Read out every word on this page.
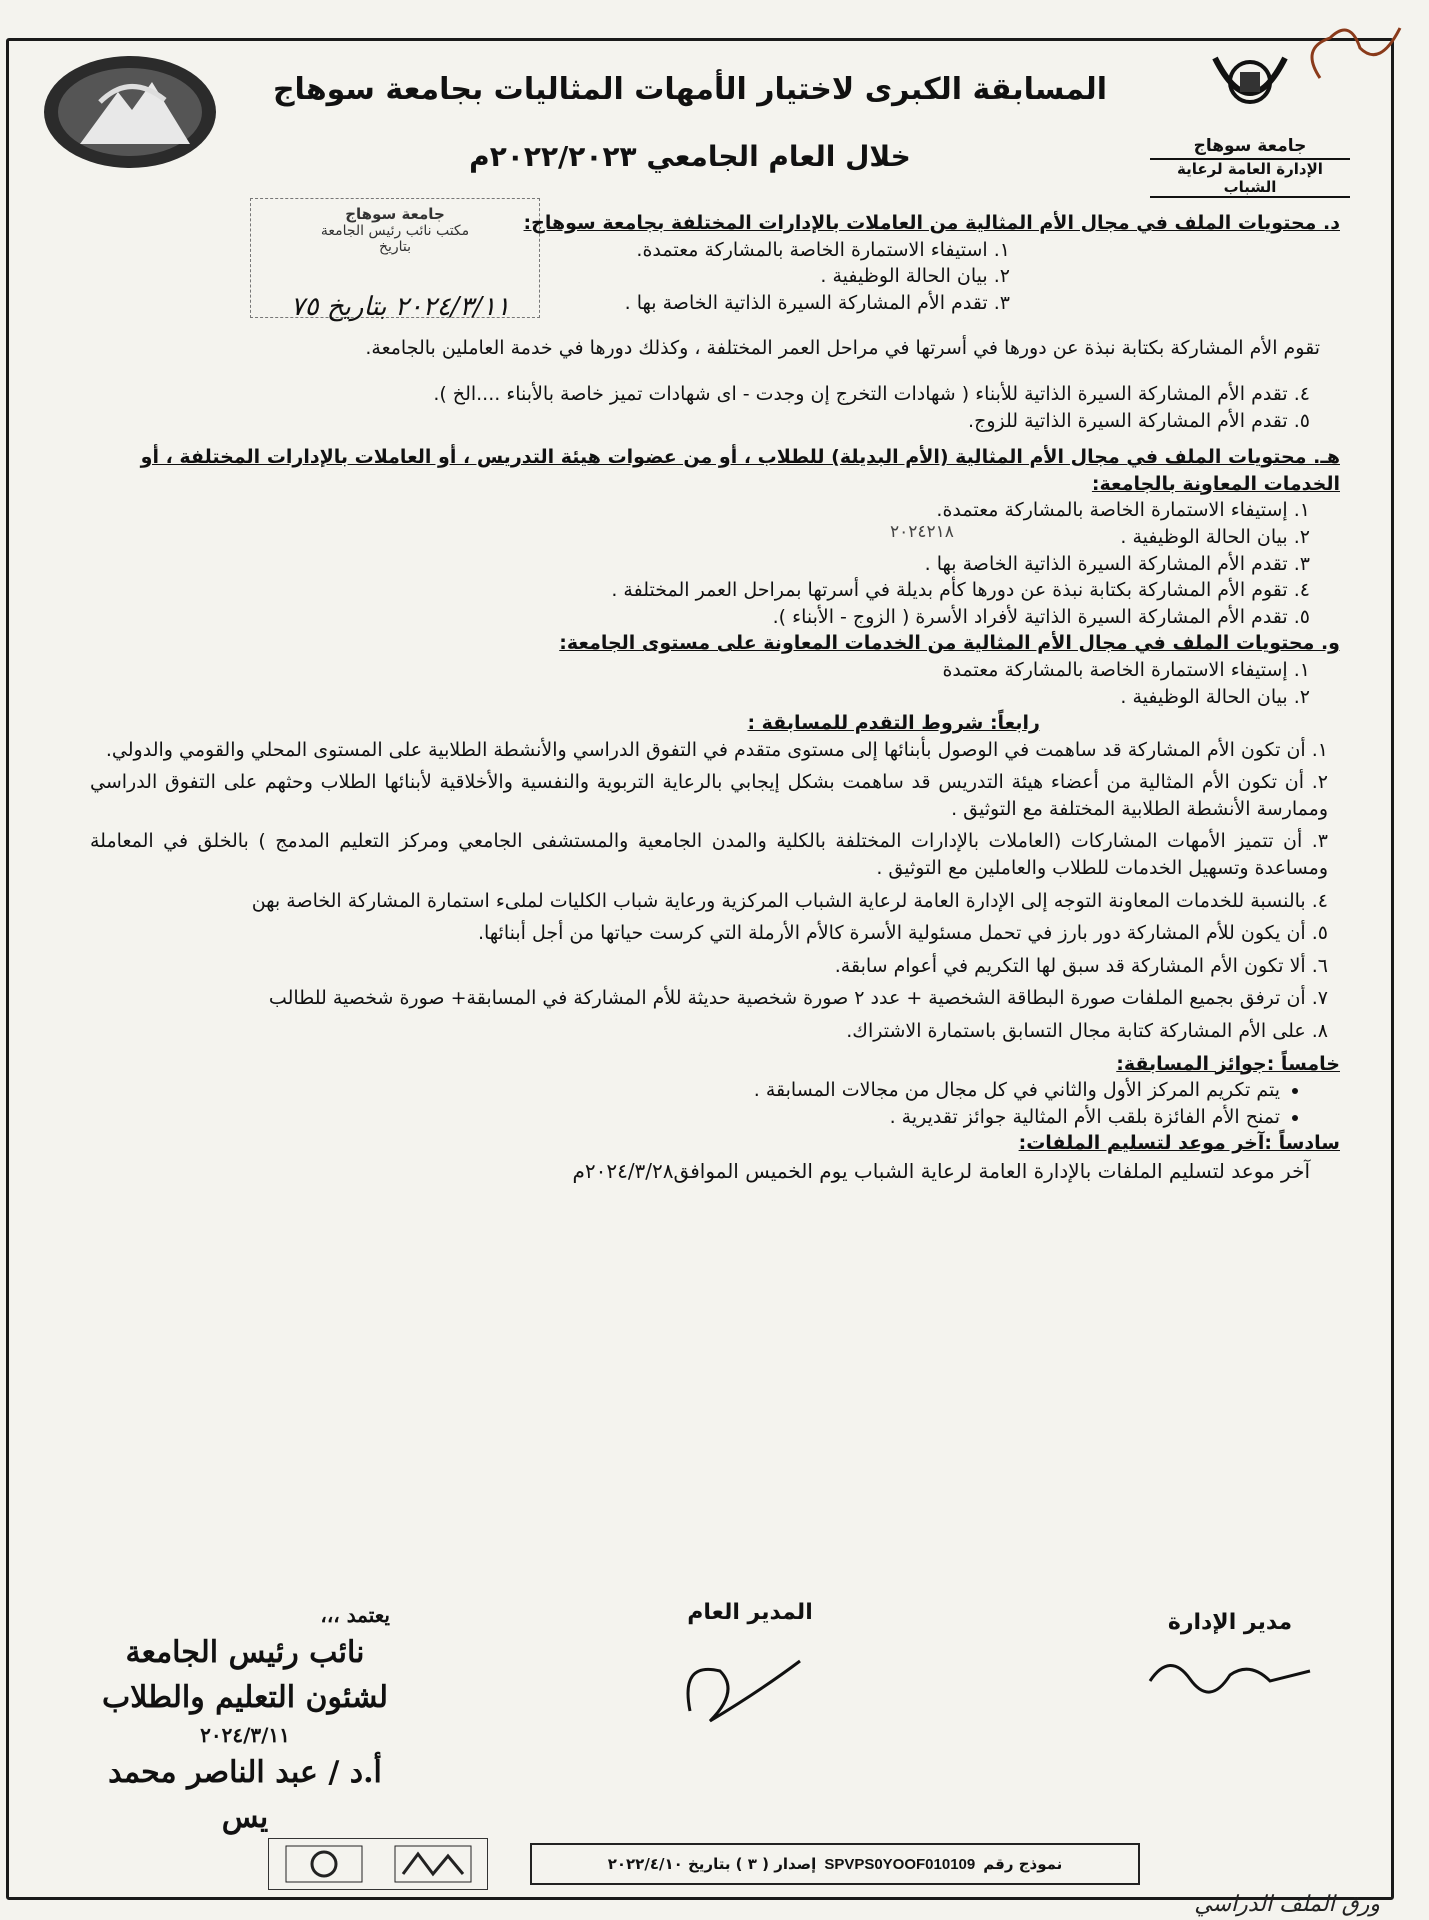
المسابقة الكبرى لاختيار الأمهات المثاليات بجامعة سوهاج
خلال العام الجامعي ٢٠٢٢/٢٠٢٣م	جامعة سوهاج
الإدارة العامة لرعاية الشباب
جامعة سوهاج
مكتب نائب رئيس الجامعة
بتاريخ
٢٠٢٤/٣/١١ بتاريخ ٧٥

د. محتويات الملف في مجال الأم المثالية من العاملات بالإدارات المختلفة بجامعة سوهاج:

١. استيفاء الاستمارة الخاصة بالمشاركة معتمدة.

٢. بيان الحالة الوظيفية .

٣. تقدم الأم المشاركة السيرة الذاتية الخاصة بها .

تقوم الأم المشاركة بكتابة نبذة عن دورها في أسرتها في مراحل العمر المختلفة ، وكذلك دورها في خدمة العاملين بالجامعة.

٤. تقدم الأم المشاركة السيرة الذاتية للأبناء ( شهادات التخرج إن وجدت - اى شهادات تميز خاصة بالأبناء ....الخ ).

٥. تقدم الأم المشاركة السيرة الذاتية للزوج.

هـ. محتويات الملف في مجال الأم المثالية (الأم البديلة) للطلاب ، أو من عضوات هيئة التدريس ، أو العاملات بالإدارات المختلفة ، أو الخدمات المعاونة بالجامعة:

١. إستيفاء الاستمارة الخاصة بالمشاركة معتمدة.

٢. بيان الحالة الوظيفية .

٣. تقدم الأم المشاركة السيرة الذاتية الخاصة بها .
٢٠٢٤٢١٨

٤. تقوم الأم المشاركة بكتابة نبذة عن دورها كأم بديلة في أسرتها بمراحل العمر المختلفة .

٥. تقدم الأم المشاركة السيرة الذاتية لأفراد الأسرة ( الزوج - الأبناء ).

و. محتويات الملف في مجال الأم المثالية من الخدمات المعاونة على مستوى الجامعة:

١. إستيفاء الاستمارة الخاصة بالمشاركة معتمدة

٢. بيان الحالة الوظيفية .

رابعاً: شروط التقدم للمسابقة :

١. أن تكون الأم المشاركة قد ساهمت في الوصول بأبنائها إلى مستوى متقدم في التفوق الدراسي والأنشطة الطلابية على المستوى المحلي والقومي والدولي.

٢. أن تكون الأم المثالية من أعضاء هيئة التدريس قد ساهمت بشكل إيجابي بالرعاية التربوية والنفسية والأخلاقية لأبنائها الطلاب وحثهم على التفوق الدراسي وممارسة الأنشطة الطلابية المختلفة مع التوثيق .

٣. أن تتميز الأمهات المشاركات (العاملات بالإدارات المختلفة بالكلية والمدن الجامعية والمستشفى الجامعي ومركز التعليم المدمج ) بالخلق في المعاملة ومساعدة وتسهيل الخدمات للطلاب والعاملين مع التوثيق .

٤. بالنسبة للخدمات المعاونة التوجه إلى الإدارة العامة لرعاية الشباب المركزية ورعاية شباب الكليات لملىء استمارة المشاركة الخاصة بهن

٥. أن يكون للأم المشاركة دور بارز في تحمل مسئولية الأسرة كالأم الأرملة التي كرست حياتها من أجل أبنائها.

٦. ألا تكون الأم المشاركة قد سبق لها التكريم في أعوام سابقة.

٧. أن ترفق بجميع الملفات صورة البطاقة الشخصية + عدد ٢ صورة شخصية حديثة للأم المشاركة في المسابقة+ صورة شخصية للطالب

٨. على الأم المشاركة كتابة مجال التسابق باستمارة الاشتراك.

خامساً :جوائز المسابقة:

• يتم تكريم المركز الأول والثاني في كل مجال من مجالات المسابقة .
• تمنح الأم الفائزة بلقب الأم المثالية جوائز تقديرية .

سادساً :آخر موعد لتسليم الملفات:

آخر موعد لتسليم الملفات بالإدارة العامة لرعاية الشباب يوم الخميس الموافق٢٠٢٤/٣/٢٨م

مدير الإدارة
المدير العام
يعتمد ،،،
نائب رئيس الجامعة
لشئون التعليم والطلاب
٢٠٢٤/٣/١١
أ.د / عبد الناصر محمد يس
نموذج رقم
SPVPS0YOOF010109
إصدار ( ٣ ) بتاريخ ٢٠٢٢/٤/١٠
ورق الملف الدراسي
